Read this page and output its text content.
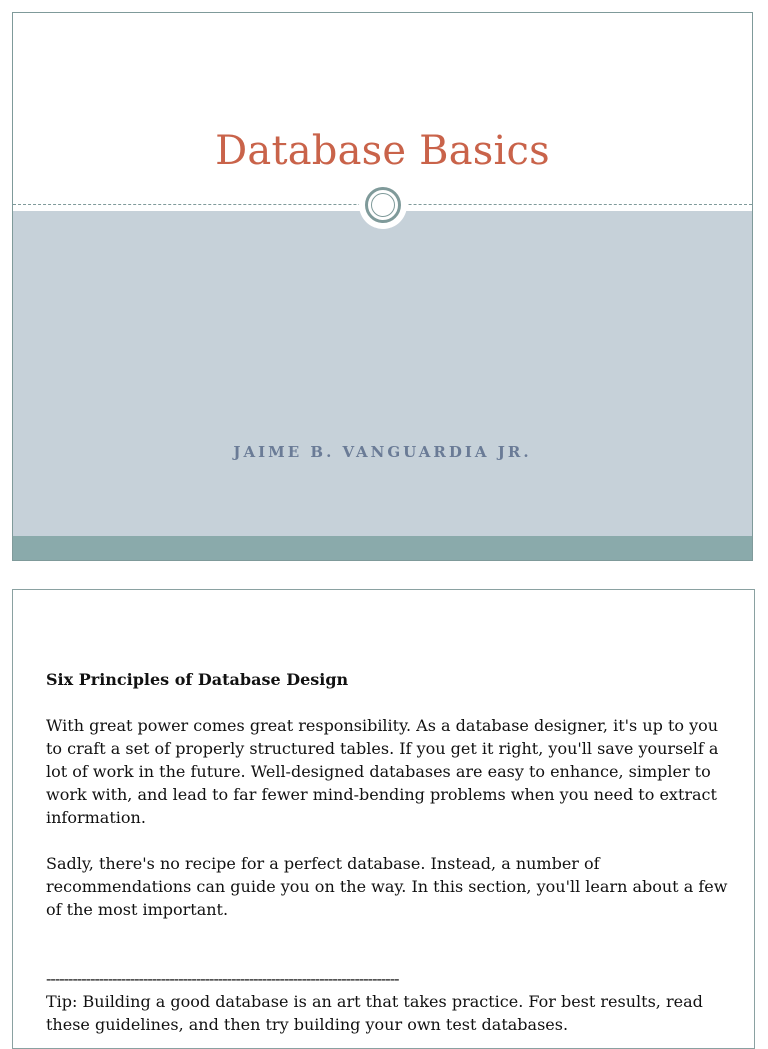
Database Basics
JAIME B. VANGUARDIA JR.
Six Principles of Database Design

With great power comes great responsibility. As a database designer, it's up to you to craft a set of properly structured tables. If you get it right, you'll save yourself a lot of work in the future. Well-designed databases are easy to enhance, simpler to work with, and lead to far fewer mind-bending problems when you need to extract information.

Sadly, there's no recipe for a perfect database. Instead, a number of recommendations can guide you on the way. In this section, you'll learn about a few of the most important.

--------------------------------------------------------------------------------

Tip: Building a good database is an art that takes practice. For best results, read these guidelines, and then try building your own test databases.
